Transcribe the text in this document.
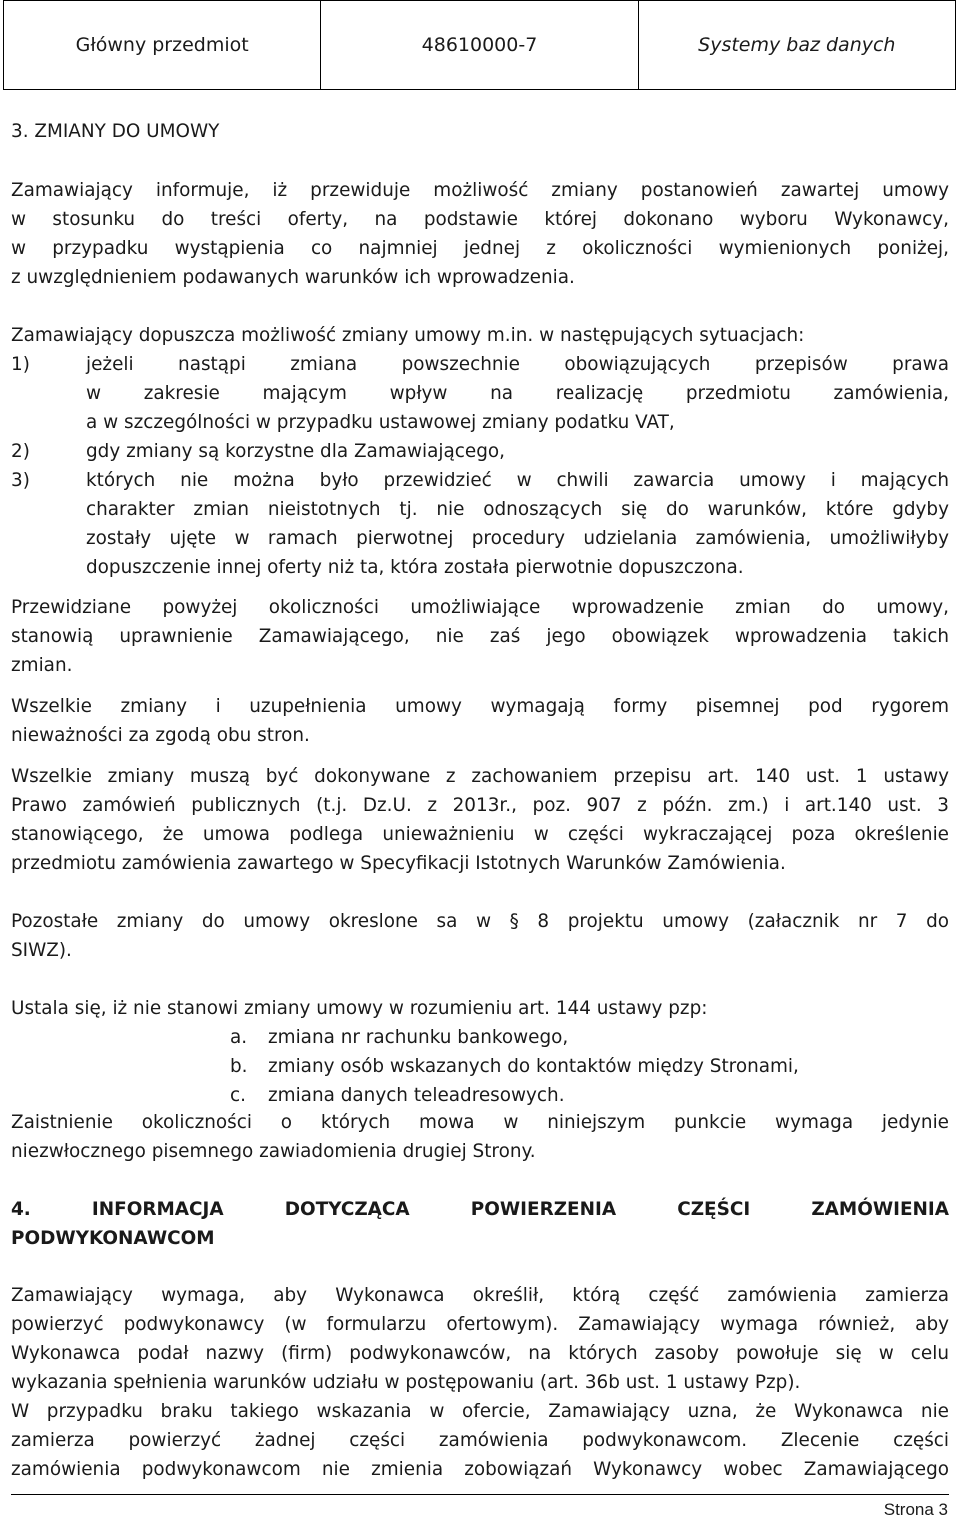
Główny przedmiot	48610000-7	Systemy baz danych
3. ZMIANY DO UMOWY
Zamawiający informuje, iż przewiduje możliwość zmiany postanowień zawartej umowy
w stosunku do treści oferty, na podstawie której dokonano wyboru Wykonawcy,
w przypadku wystąpienia co najmniej jednej z okoliczności wymienionych poniżej,
z uwzględnieniem podawanych warunków ich wprowadzenia.
Zamawiający dopuszcza możliwość zmiany umowy m.in. w następujących sytuacjach:
1)	jeżeli nastąpi zmiana powszechnie obowiązujących przepisów prawa
w zakresie mającym wpływ na realizację przedmiotu zamówienia,
a w szczególności w przypadku ustawowej zmiany podatku VAT,
2)	gdy zmiany są korzystne dla Zamawiającego,
3)	których nie można było przewidzieć w chwili zawarcia umowy i mających
charakter zmian nieistotnych tj. nie odnoszących się do warunków, które gdyby
zostały ujęte w ramach pierwotnej procedury udzielania zamówienia, umożliwiłyby
dopuszczenie innej oferty niż ta, która została pierwotnie dopuszczona.
Przewidziane powyżej okoliczności umożliwiające wprowadzenie zmian do umowy,
stanowią uprawnienie Zamawiającego, nie zaś jego obowiązek wprowadzenia takich
zmian.
Wszelkie zmiany i uzupełnienia umowy wymagają formy pisemnej pod rygorem
nieważności za zgodą obu stron.
Wszelkie zmiany muszą być dokonywane z zachowaniem przepisu art. 140 ust. 1 ustawy
Prawo zamówień publicznych (t.j. Dz.U. z 2013r., poz. 907 z późn. zm.) i art.140 ust. 3
stanowiącego, że umowa podlega unieważnieniu w części wykraczającej poza określenie
przedmiotu zamówienia zawartego w Specyfikacji Istotnych Warunków Zamówienia.
Pozostałe zmiany do umowy okreslone sa w § 8 projektu umowy (załacznik nr 7 do
SIWZ).
Ustala się, iż nie stanowi zmiany umowy w rozumieniu art. 144 ustawy pzp:
a. zmiana nr rachunku bankowego,
b. zmiany osób wskazanych do kontaktów między Stronami,
c. zmiana danych teleadresowych.
Zaistnienie okoliczności o których mowa w niniejszym punkcie wymaga jedynie
niezwłocznego pisemnego zawiadomienia drugiej Strony.
4. INFORMACJA DOTYCZĄCA POWIERZENIA CZĘŚCI ZAMÓWIENIA
PODWYKONAWCOM
Zamawiający wymaga, aby Wykonawca określił, którą część zamówienia zamierza
powierzyć podwykonawcy (w formularzu ofertowym). Zamawiający wymaga również, aby
Wykonawca podał nazwy (firm) podwykonawców, na których zasoby powołuje się w celu
wykazania spełnienia warunków udziału w postępowaniu (art. 36b ust. 1 ustawy Pzp).
W przypadku braku takiego wskazania w ofercie, Zamawiający uzna, że Wykonawca nie
zamierza powierzyć żadnej części zamówienia podwykonawcom. Zlecenie części
zamówienia podwykonawcom nie zmienia zobowiązań Wykonawcy wobec Zamawiającego
Strona 3
